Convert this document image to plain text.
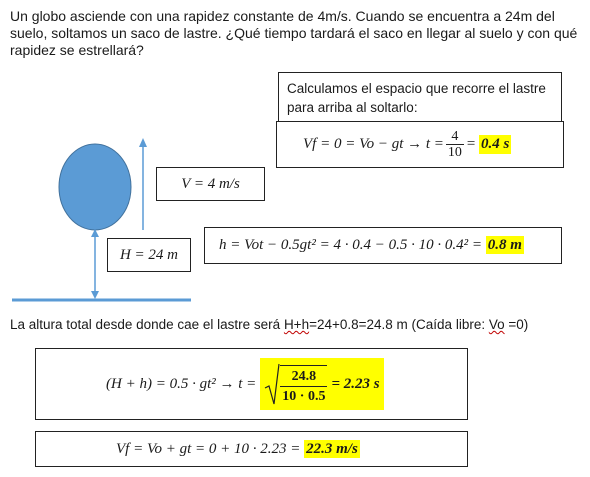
Un globo asciende con una rapidez constante de 4m/s. Cuando se encuentra a 24m del suelo, soltamos un saco de lastre. ¿Qué tiempo tardará el saco en llegar al suelo y con qué rapidez se estrellará?
Calculamos el espacio que recorre el lastre para arriba al soltarlo:
Vf = 0 = Vo − gt → $t = \frac{4}{10} = 0.4$ s
V = 4 m/s
H = 24 m
h = Vot − 0.5gt² = 4 · 0.4 − 0.5 · 10 · 0.4² = 0.8 m
La altura total desde donde cae el lastre será H+h=24+0.8=24.8 m (Caída libre: Vo =0)
$(H + h) = 0.5 \cdot gt^2 \to t = \frac{24.8}{10 \cdot 0.5} = 2.23$ s
Vf = Vo + gt = 0 + 10 · 2.23 = 22.3 m/s
